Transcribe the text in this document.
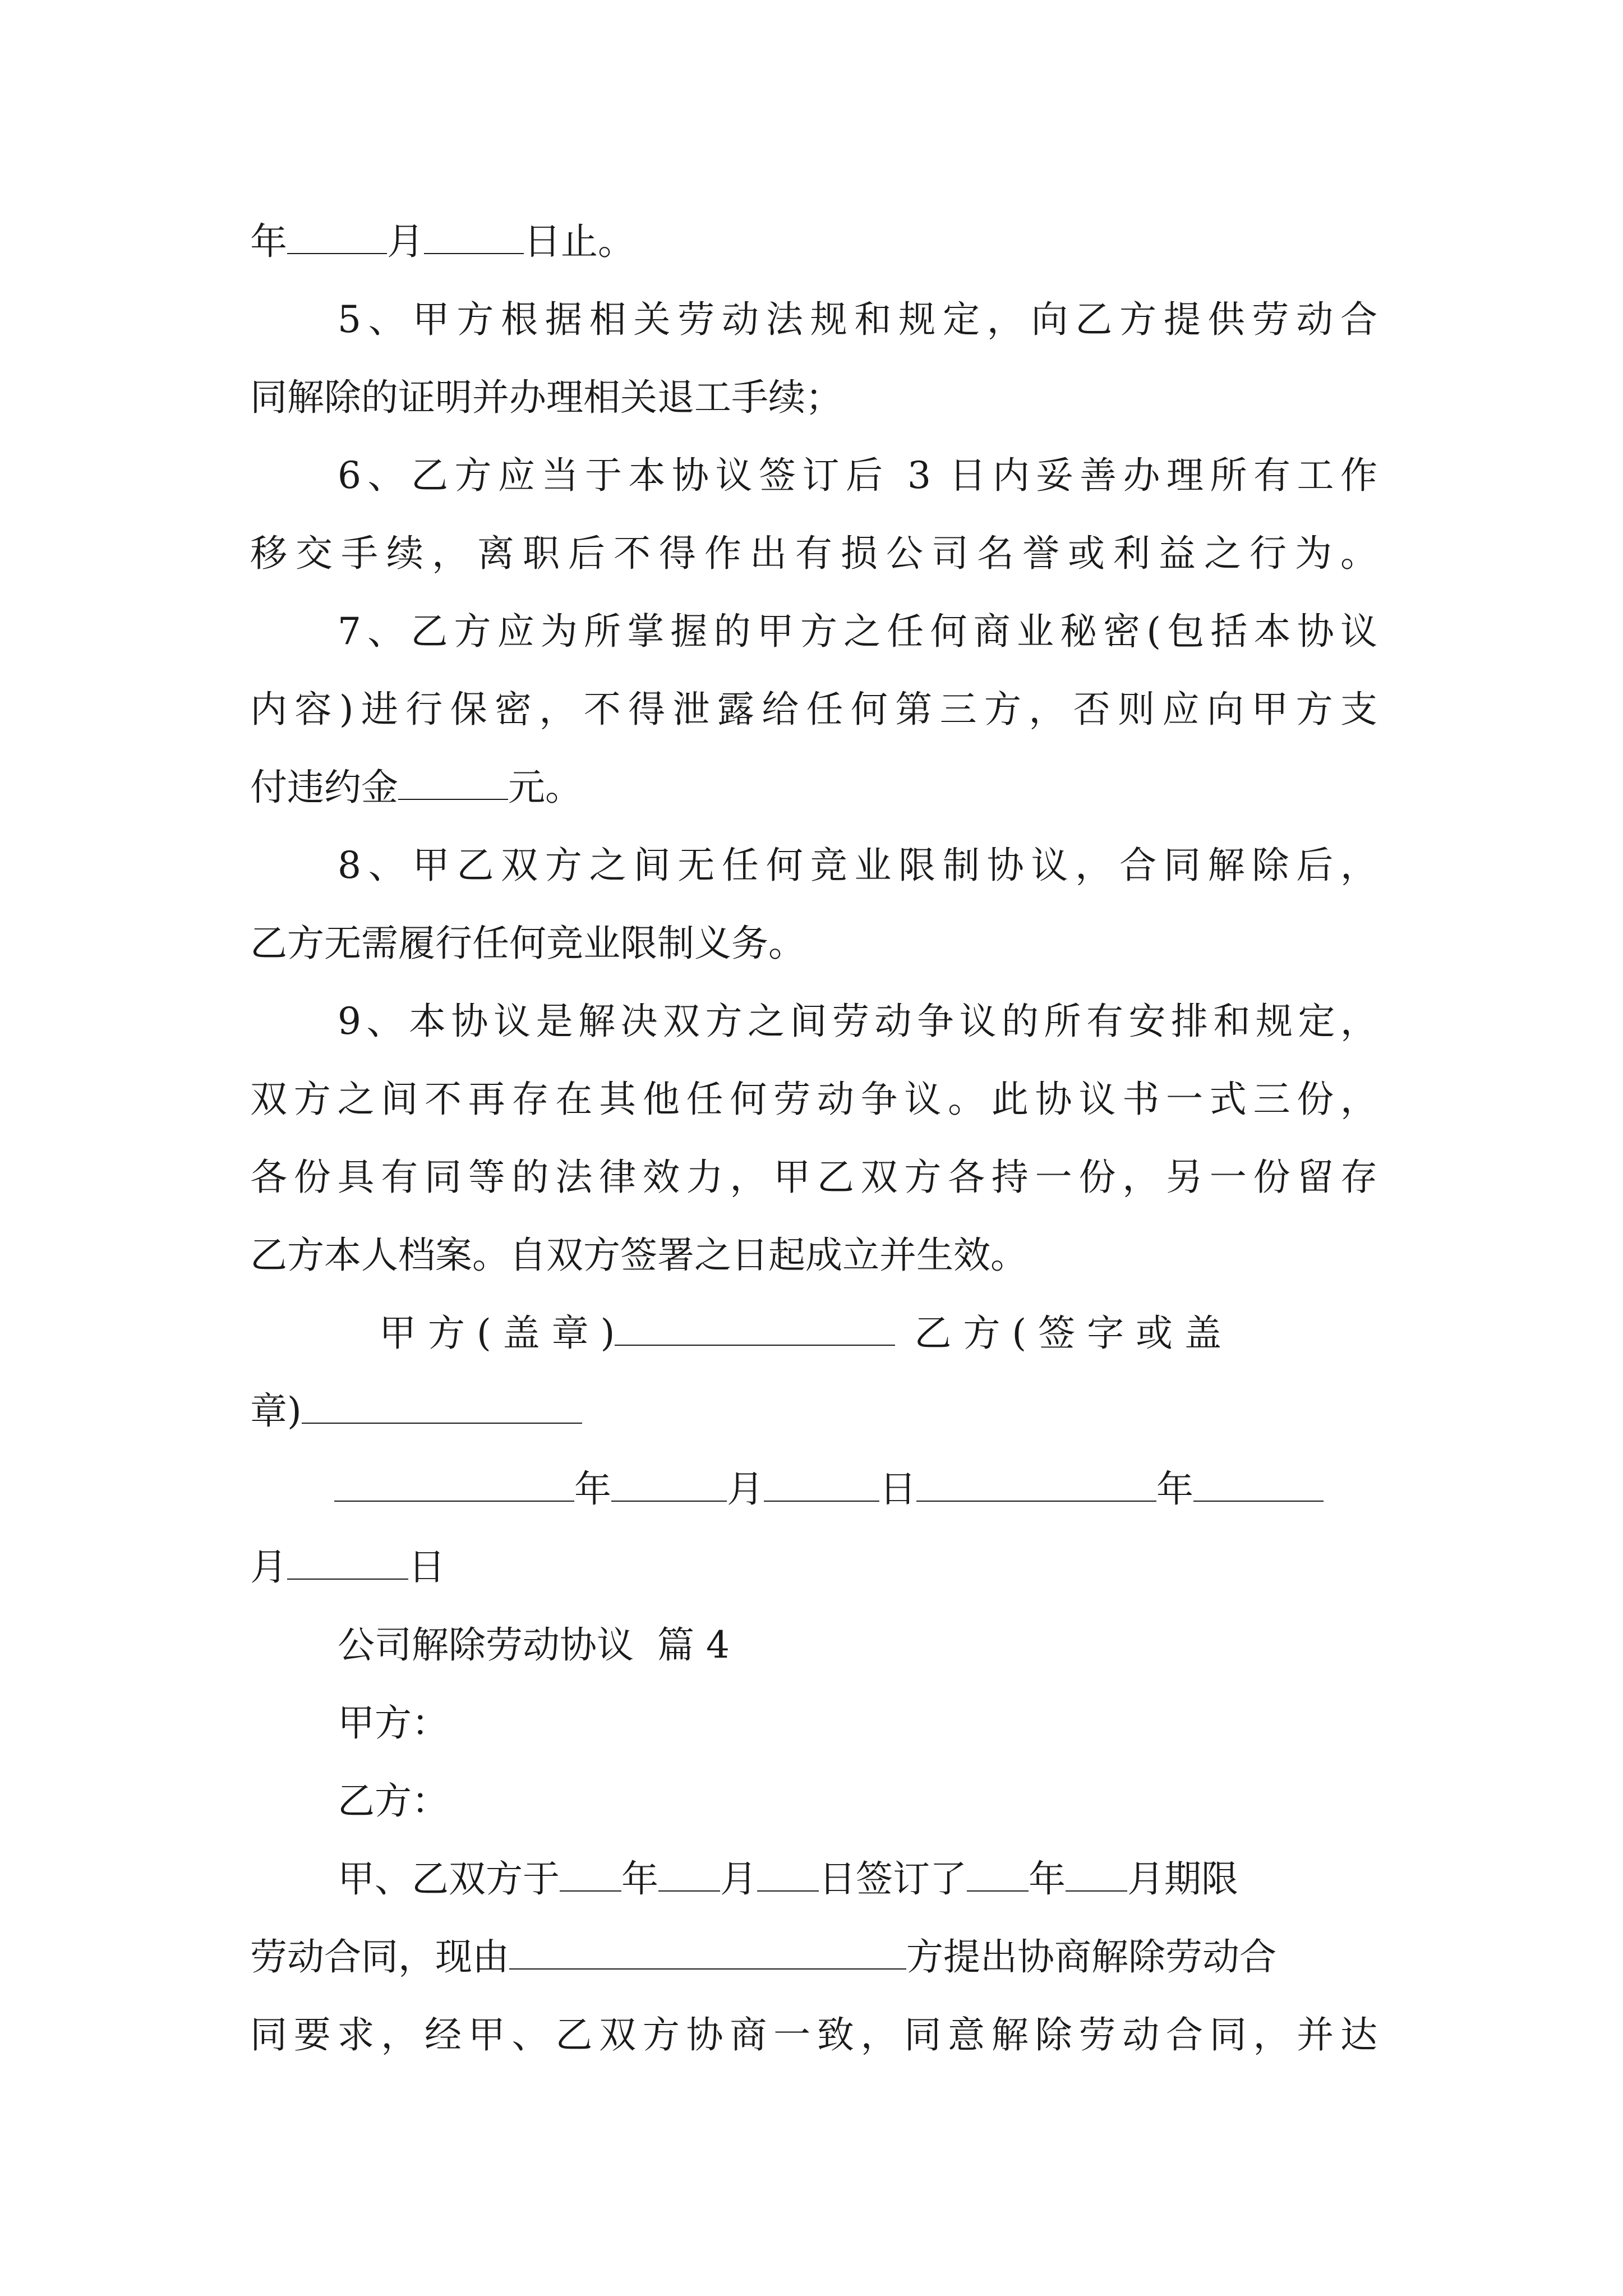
年	月	日止。

5、甲方根据相关劳动法规和规定，向乙方提供劳动合

同解除的证明并办理相关退工手续；

6、乙方应当于本协议签订后 3 日内妥善办理所有工作

移交手续，离职后不得作出有损公司名誉或利益之行为。

7、乙方应为所掌握的甲方之任何商业秘密(包括本协议

内容)进行保密，不得泄露给任何第三方，否则应向甲方支

付违约金	元。

8、甲乙双方之间无任何竞业限制协议，合同解除后，

乙方无需履行任何竞业限制义务。

9、本协议是解决双方之间劳动争议的所有安排和规定，

双方之间不再存在其他任何劳动争议。此协议书一式三份，

各份具有同等的法律效力，甲乙双方各持一份，另一份留存

乙方本人档案。自双方签署之日起成立并生效。

甲 方 ( 盖 章 )	乙 方 ( 签 字 或 盖

章)

年	月	日	年

月	日

公司解除劳动协议  篇 4

甲方：

乙方：

甲、乙双方于 年 月 日签订了 年 月期限

劳动合同，现由	方提出协商解除劳动合

同要求，经甲、乙双方协商一致，同意解除劳动合同，并达
